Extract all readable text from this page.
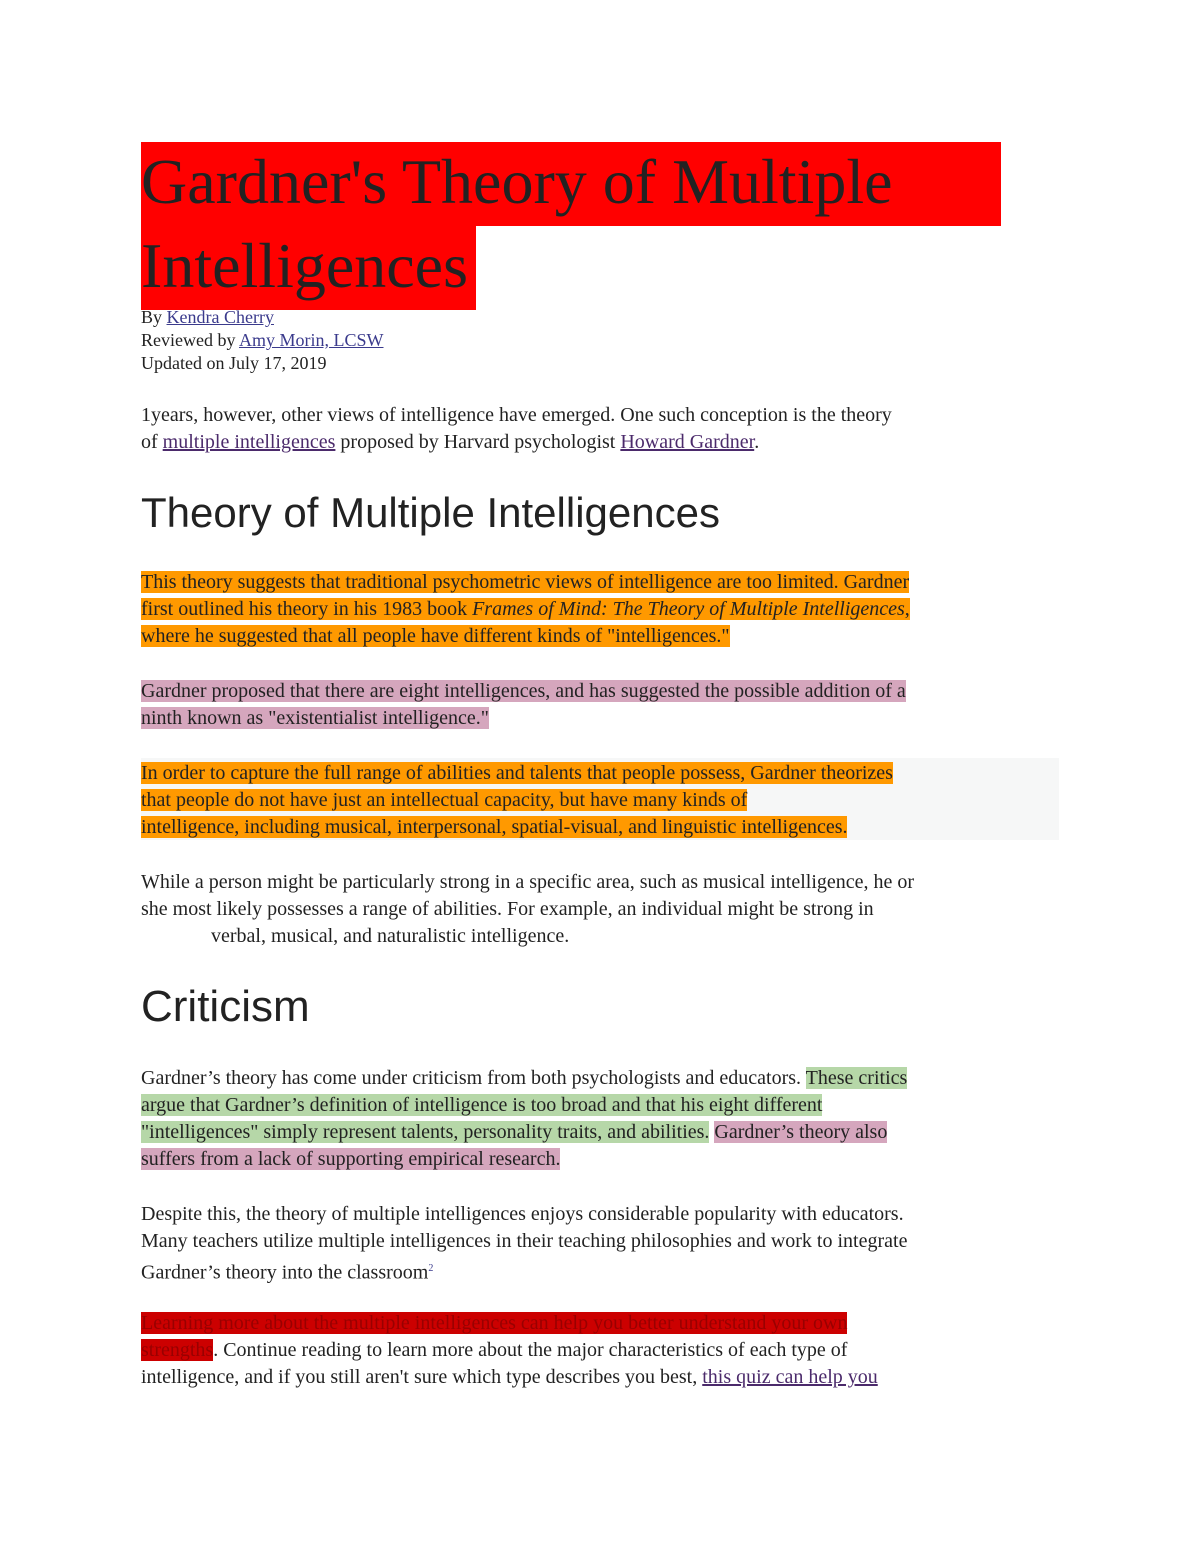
Gardner's Theory of Multiple
Intelligences
By Kendra Cherry
Reviewed by Amy Morin, LCSW
Updated on July 17, 2019
1years, however, other views of intelligence have emerged. One such conception is the theory
of multiple intelligences proposed by Harvard psychologist Howard Gardner.
Theory of Multiple Intelligences
This theory suggests that traditional psychometric views of intelligence are too limited. Gardner
first outlined his theory in his 1983 book Frames of Mind: The Theory of Multiple Intelligences,
where he suggested that all people have different kinds of "intelligences."
Gardner proposed that there are eight intelligences, and has suggested the possible addition of a
ninth known as "existentialist intelligence."
In order to capture the full range of abilities and talents that people possess, Gardner theorizes
that people do not have just an intellectual capacity, but have many kinds of
intelligence, including musical, interpersonal, spatial-visual, and linguistic intelligences.
While a person might be particularly strong in a specific area, such as musical intelligence, he or
she most likely possesses a range of abilities. For example, an individual might be strong in
verbal, musical, and naturalistic intelligence.
Criticism
Gardner’s theory has come under criticism from both psychologists and educators. These critics
argue that Gardner’s definition of intelligence is too broad and that his eight different
"intelligences" simply represent talents, personality traits, and abilities. Gardner’s theory also
suffers from a lack of supporting empirical research.
Despite this, the theory of multiple intelligences enjoys considerable popularity with educators.
Many teachers utilize multiple intelligences in their teaching philosophies and work to integrate
Gardner’s theory into the classroom$^2$
Learning more about the multiple intelligences can help you better understand your own
strengths. Continue reading to learn more about the major characteristics of each type of
intelligence, and if you still aren't sure which type describes you best, this quiz can help you
